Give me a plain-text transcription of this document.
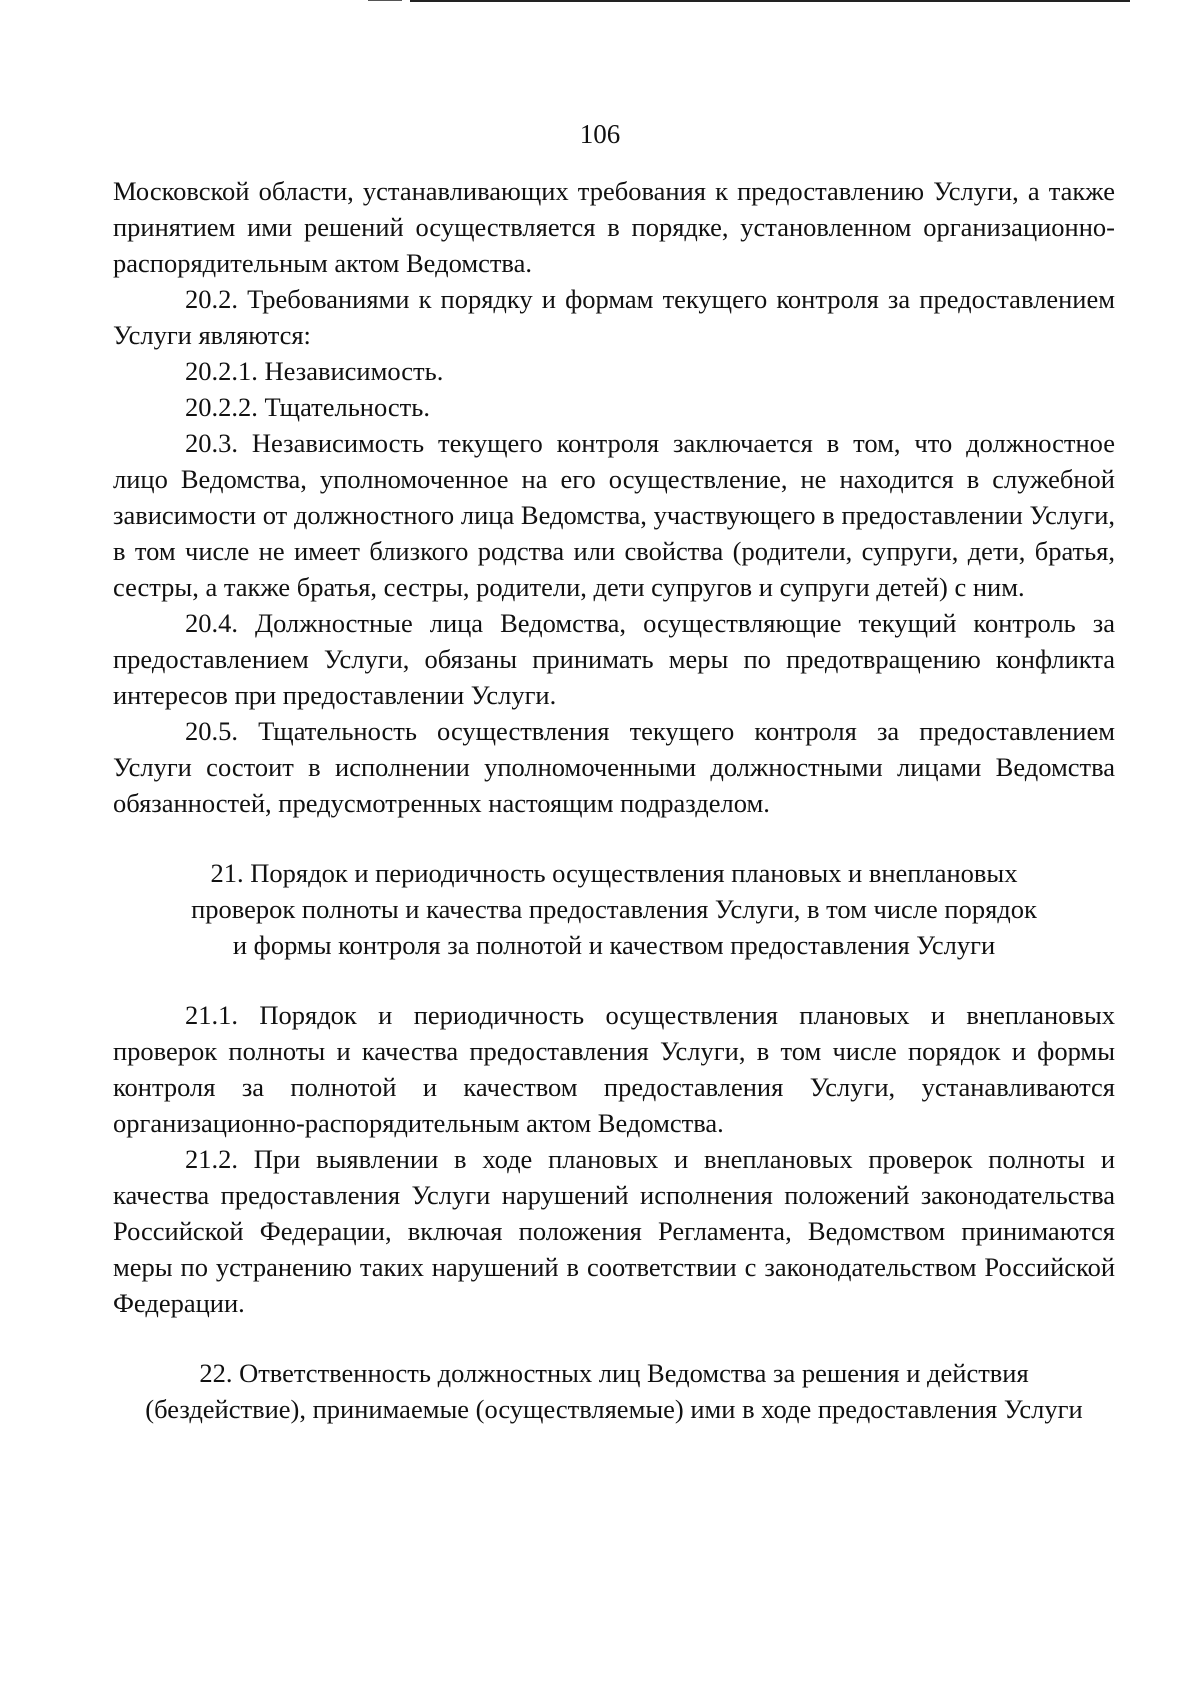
106

Московской области, устанавливающих требования к предоставлению Услуги, а также принятием ими решений осуществляется в порядке, установленном организационно-распорядительным актом Ведомства.

20.2. Требованиями к порядку и формам текущего контроля за предоставлением Услуги являются:

20.2.1. Независимость.

20.2.2. Тщательность.

20.3. Независимость текущего контроля заключается в том, что должностное лицо Ведомства, уполномоченное на его осуществление, не находится в служебной зависимости от должностного лица Ведомства, участвующего в предоставлении Услуги, в том числе не имеет близкого родства или свойства (родители, супруги, дети, братья, сестры, а также братья, сестры, родители, дети супругов и супруги детей) с ним.

20.4. Должностные лица Ведомства, осуществляющие текущий контроль за предоставлением Услуги, обязаны принимать меры по предотвращению конфликта интересов при предоставлении Услуги.

20.5. Тщательность осуществления текущего контроля за предоставлением Услуги состоит в исполнении уполномоченными должностными лицами Ведомства обязанностей, предусмотренных настоящим подразделом.

21. Порядок и периодичность осуществления плановых и внеплановых
проверок полноты и качества предоставления Услуги, в том числе порядок
и формы контроля за полнотой и качеством предоставления Услуги

21.1. Порядок и периодичность осуществления плановых и внеплановых проверок полноты и качества предоставления Услуги, в том числе порядок и формы контроля за полнотой и качеством предоставления Услуги, устанавливаются организационно-распорядительным актом Ведомства.

21.2. При выявлении в ходе плановых и внеплановых проверок полноты и качества предоставления Услуги нарушений исполнения положений законодательства Российской Федерации, включая положения Регламента, Ведомством принимаются меры по устранению таких нарушений в соответствии с законодательством Российской Федерации.

22. Ответственность должностных лиц Ведомства за решения и действия
(бездействие), принимаемые (осуществляемые) ими в ходе предоставления Услуги
